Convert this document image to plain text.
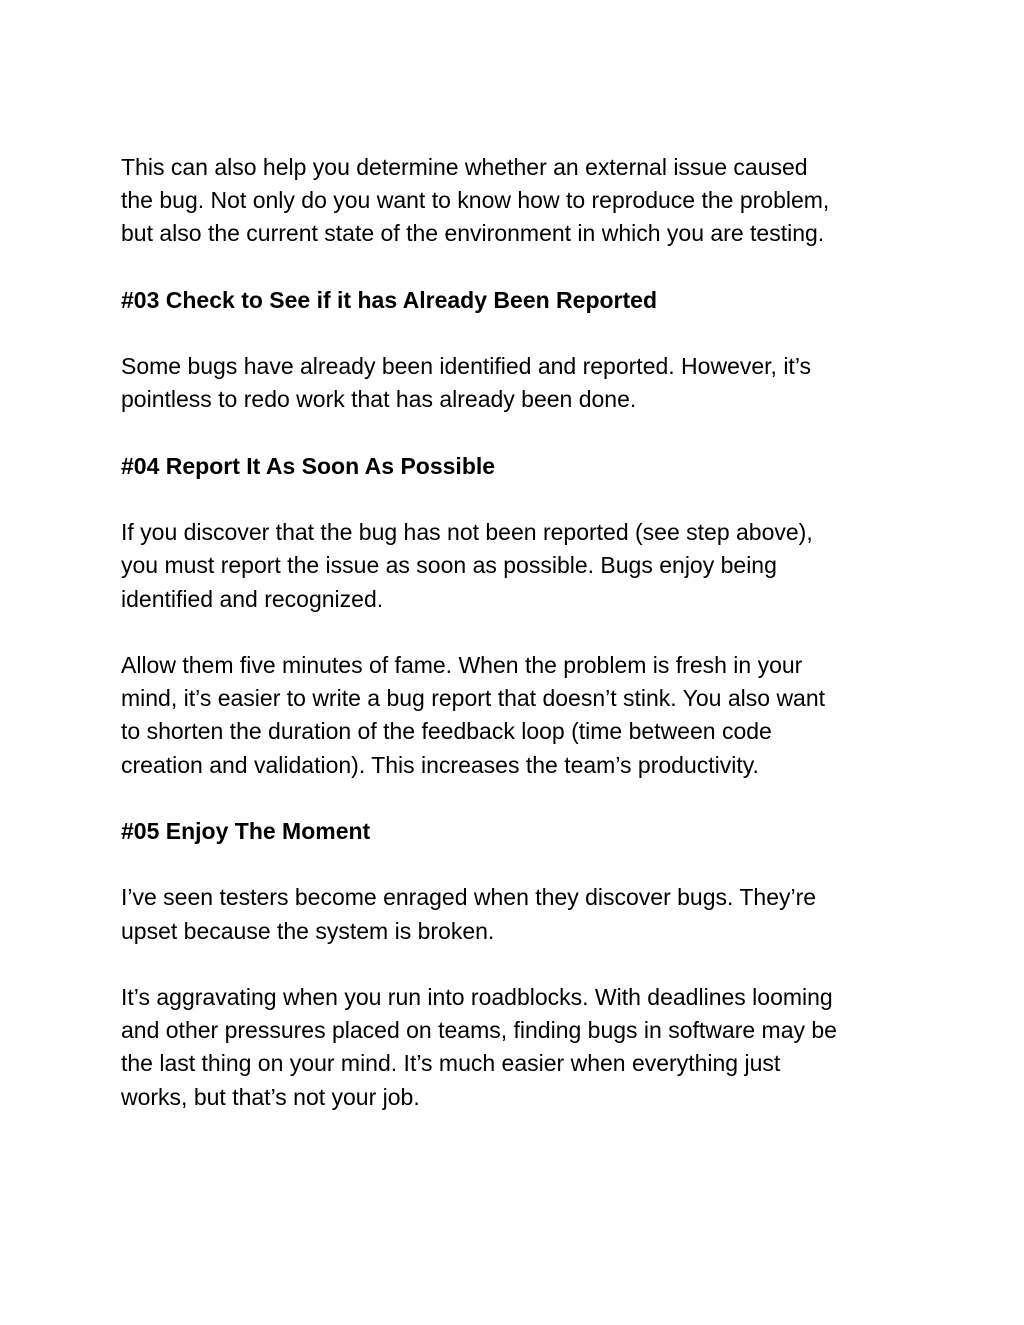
This can also help you determine whether an external issue caused
the bug. Not only do you want to know how to reproduce the problem,
but also the current state of the environment in which you are testing.

#03 Check to See if it has Already Been Reported

Some bugs have already been identified and reported. However, it’s
pointless to redo work that has already been done.

#04 Report It As Soon As Possible

If you discover that the bug has not been reported (see step above),
you must report the issue as soon as possible. Bugs enjoy being
identified and recognized.

Allow them five minutes of fame. When the problem is fresh in your
mind, it’s easier to write a bug report that doesn’t stink. You also want
to shorten the duration of the feedback loop (time between code
creation and validation). This increases the team’s productivity.

#05 Enjoy The Moment

I’ve seen testers become enraged when they discover bugs. They’re
upset because the system is broken.

It’s aggravating when you run into roadblocks. With deadlines looming
and other pressures placed on teams, finding bugs in software may be
the last thing on your mind. It’s much easier when everything just
works, but that’s not your job.
